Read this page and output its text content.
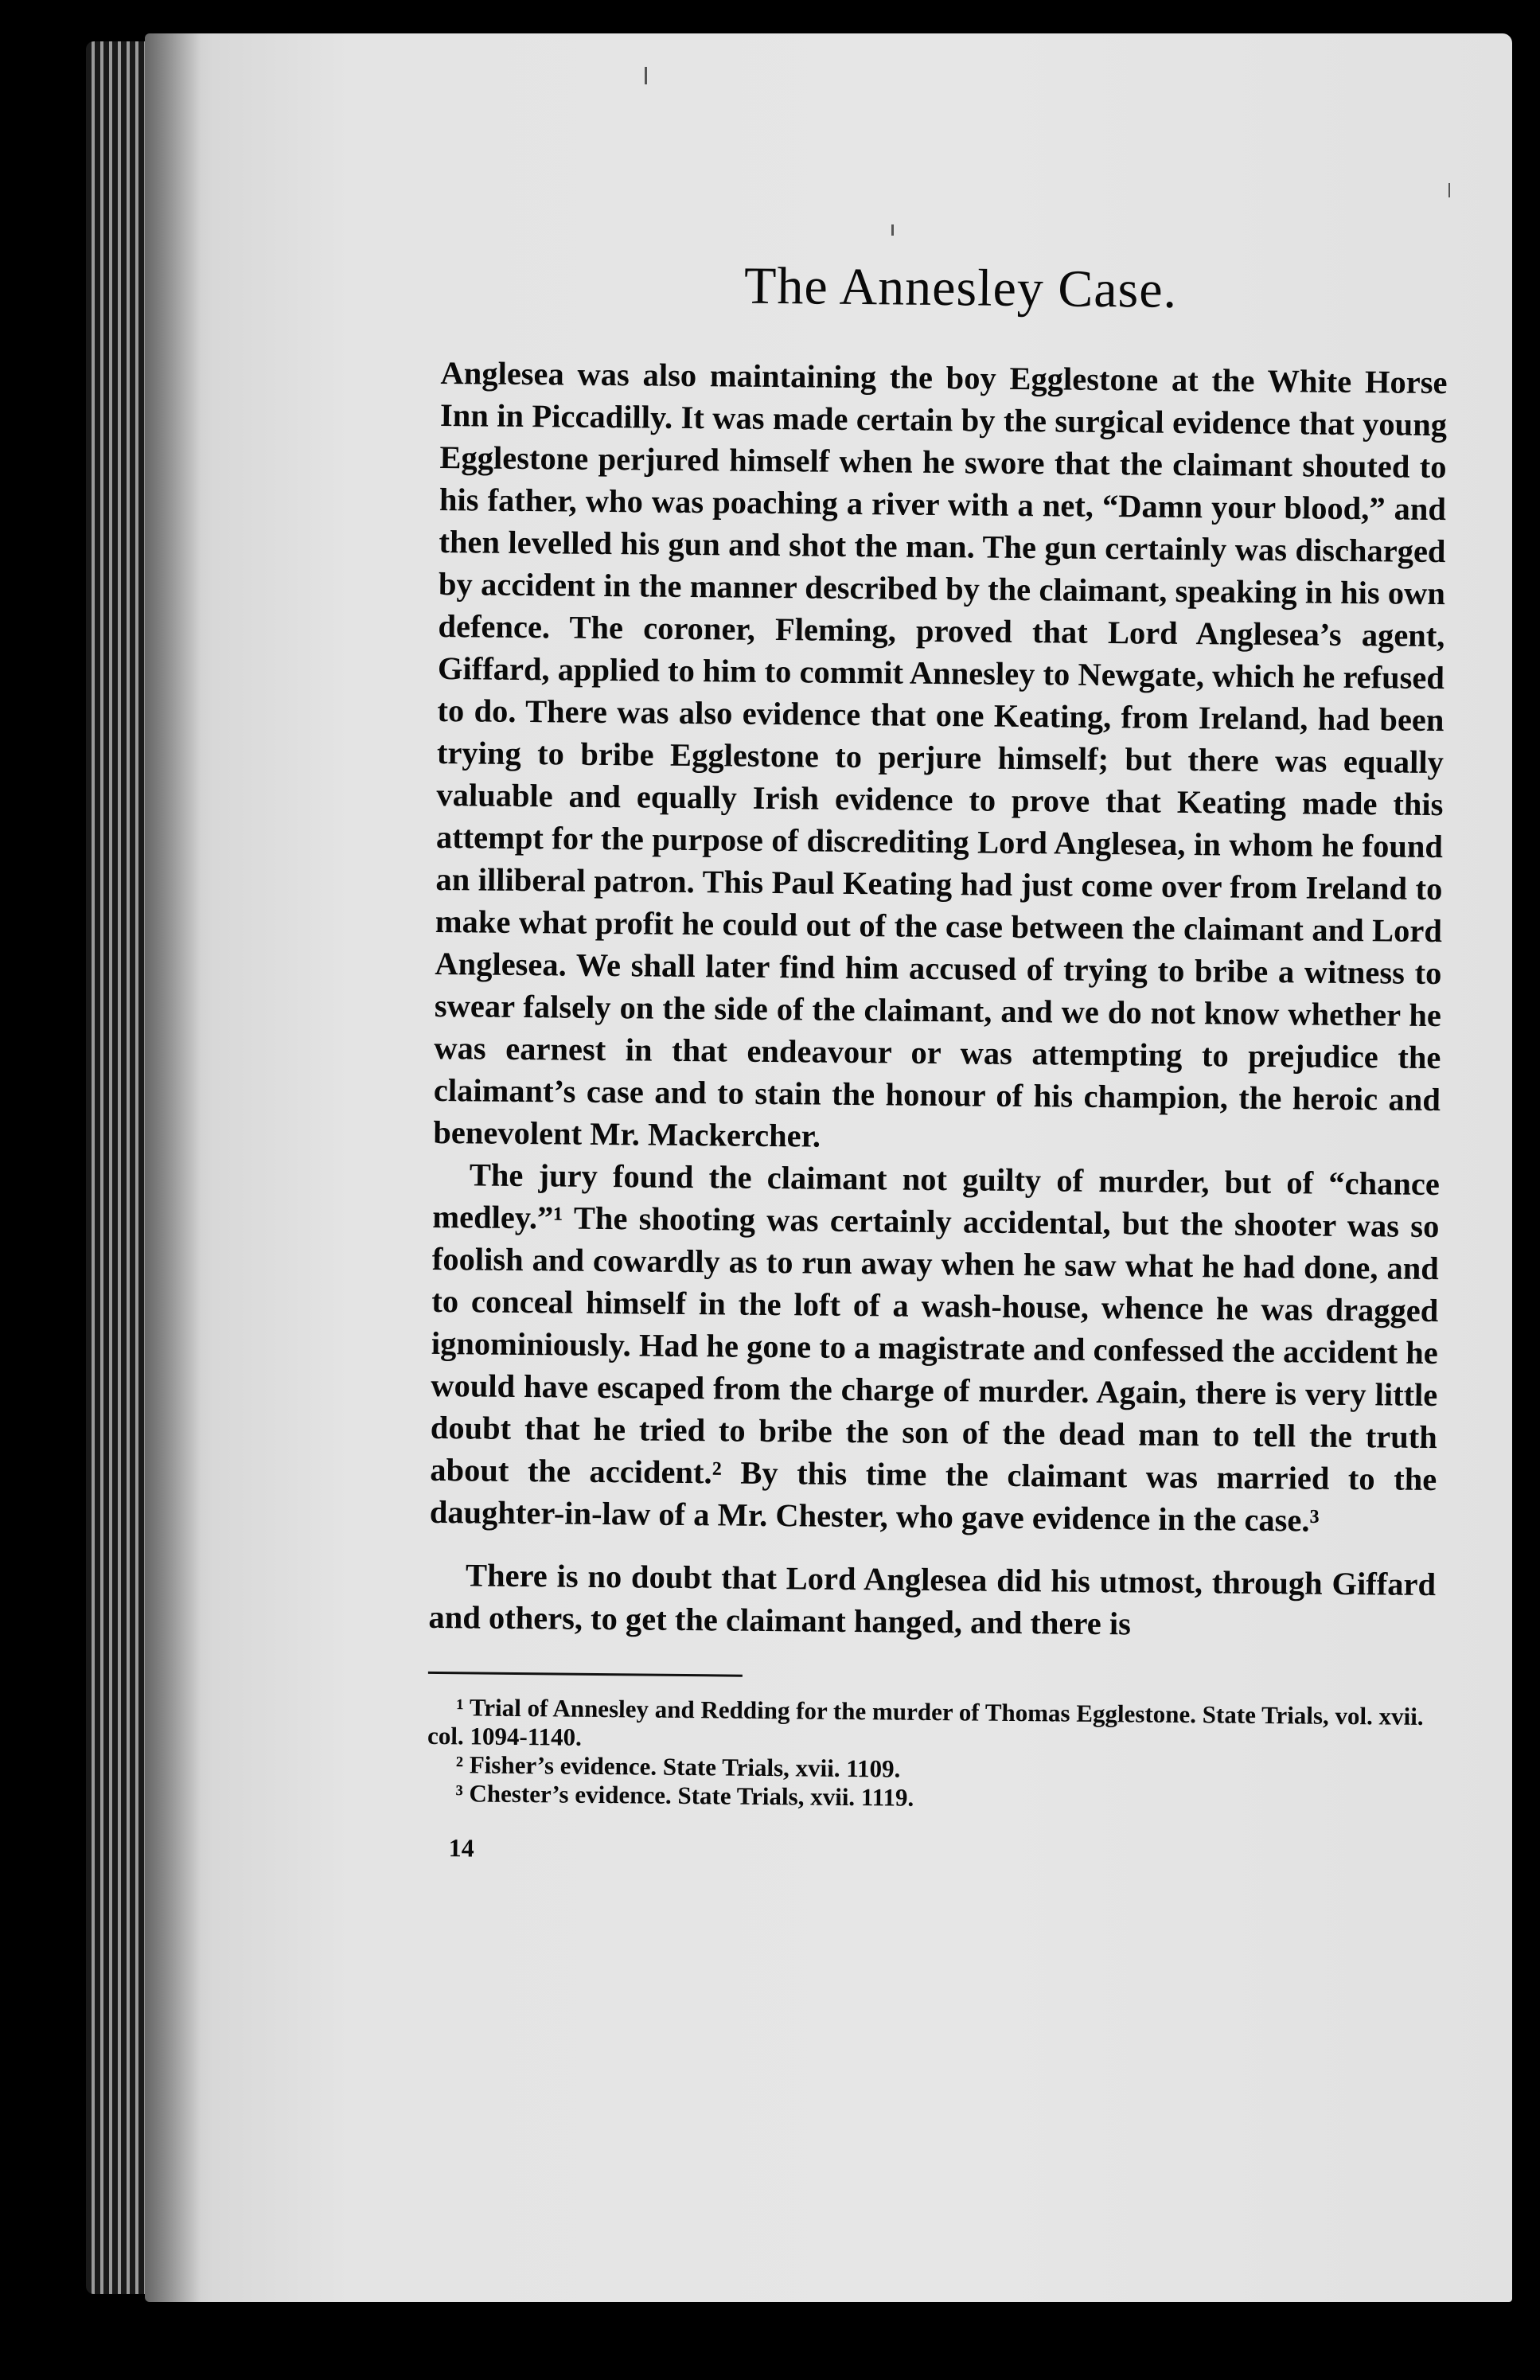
The Annesley Case.

Anglesea was also maintaining the boy Egglestone at the White Horse Inn in Piccadilly. It was made certain by the surgical evidence that young Egglestone perjured himself when he swore that the claimant shouted to his father, who was poaching a river with a net, “Damn your blood,” and then levelled his gun and shot the man. The gun certainly was discharged by accident in the manner described by the claimant, speaking in his own defence. The coroner, Fleming, proved that Lord Anglesea’s agent, Giffard, applied to him to commit Annesley to Newgate, which he refused to do. There was also evidence that one Keating, from Ireland, had been trying to bribe Egglestone to perjure himself; but there was equally valuable and equally Irish evidence to prove that Keating made this attempt for the purpose of discrediting Lord Anglesea, in whom he found an illiberal patron. This Paul Keating had just come over from Ireland to make what profit he could out of the case between the claimant and Lord Anglesea. We shall later find him accused of trying to bribe a witness to swear falsely on the side of the claimant, and we do not know whether he was earnest in that endeavour or was attempting to prejudice the claimant’s case and to stain the honour of his champion, the heroic and benevolent Mr. Mackercher.

The jury found the claimant not guilty of murder, but of “chance medley.”¹ The shooting was certainly accidental, but the shooter was so foolish and cowardly as to run away when he saw what he had done, and to conceal himself in the loft of a wash-house, whence he was dragged ignominiously. Had he gone to a magistrate and confessed the accident he would have escaped from the charge of murder. Again, there is very little doubt that he tried to bribe the son of the dead man to tell the truth about the accident.² By this time the claimant was married to the daughter-in-law of a Mr. Chester, who gave evidence in the case.³

There is no doubt that Lord Anglesea did his utmost, through Giffard and others, to get the claimant hanged, and there is

¹ Trial of Annesley and Redding for the murder of Thomas Egglestone. State Trials, vol. xvii. col. 1094-1140.

² Fisher’s evidence. State Trials, xvii. 1109.

³ Chester’s evidence. State Trials, xvii. 1119.

14
